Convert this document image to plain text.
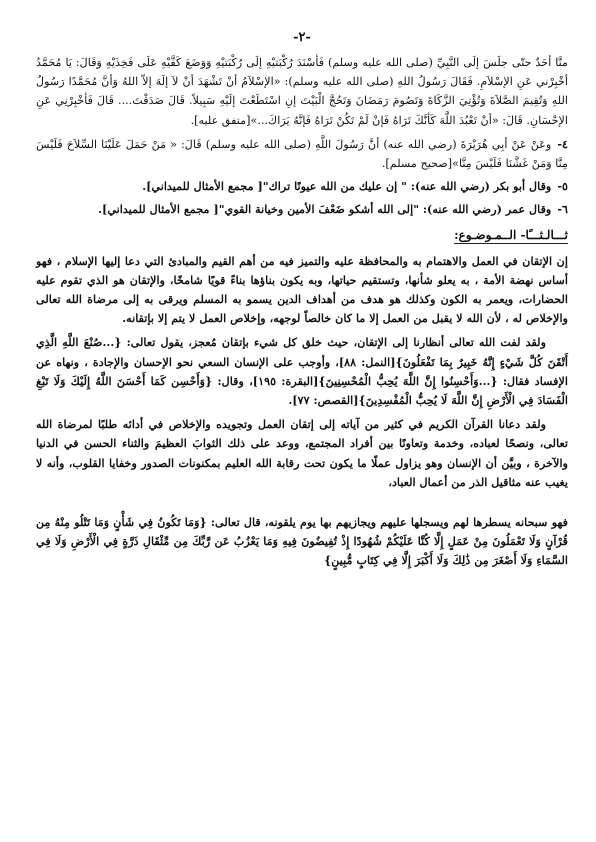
-٢-

منَّا أحَدٌ حتّى جلَسَ إلَى النَّبِيِّ (صلى الله عليه وسلم) فَأسْنَدَ رُكْبَتيْهِ إلَى رُكْبَتيْهِ وَوَضَعَ كَفَّيْهِ عَلَى فَخِذَيْهِ وَقَالَ: يَا مُحَمَّدُ أخْبِرْني عَنِ الإسْلاَمِ. فَقَالَ رَسُولُ اللهِ (صلى الله عليه وسلم): «الإسْلاَمُ أنْ تَشْهَدَ أنْ لاَ إلَهَ إلاّ اللهُ وَأنَّ مُحَمَّدًا رَسُولُ اللهِ وَتُقِيمَ الصَّلاَةَ وَتُؤْتِيَ الزَّكَاةَ وَتَصُومَ رَمَضَانَ وَتَحُجَّ الْبَيْتَ إنِ اسْتَطَعْتَ إلَيْهِ سَبِيلاً. قَالَ صَدَقْتَ.... قَالَ فَأخْبِرْنِي عَنِ الإحْسَانِ. قَالَ: «أنْ تَعْبُدَ اللَّهَ كَأنَّكَ تَرَاهُ فَإنْ لَمْ تَكُنْ تَرَاهُ فَإنَّهُ يَرَاكَ...»[متفق عليه].

٤-وعَنْ عَنْ أبِي هُرَيْرَةَ (رضي الله عنه) أنَّ رَسُولَ اللَّهِ (صلى الله عليه وسلم) قَالَ: « مَنْ حَمَلَ عَلَيْنَا السِّلاَحَ فَلَيْسَ مِنَّا وَمَنْ غَشَّنَا فَلَيْسَ مِنَّا»[صحيح مسلم].

٥-وقال أبو بكر (رضي الله عنه): " إن عليك من الله عيونًا تراك"[ مجمع الأمثال للميداني].

٦-وقال عمر (رضي الله عنه): "إلى الله أشكو ضَعْفَ الأمين وخيانة القوي"[ مجمع الأمثال للميداني].

ثـــالـثـــًا- الــمـوضـوع:

إن الإتقان في العمل والاهتمام به والمحافظة عليه والتميز فيه من أهم القيم والمبادئ التي دعا إليها الإسلام ، فهو أساس نهضة الأمة ، به يعلو شأنها، وتستقيم حياتها، وبه يكون بناؤها بناءً قويًا شامخًا، والإتقان هو الذي تقوم عليه الحضارات، ويعمر به الكون وكذلك هو هدف من أهداف الدين يسمو به المسلم ويرقى به إلى مرضاة الله تعالى والإخلاص له ، لأن الله لا يقبل من العمل إلا ما كان خالصاً لوجهه، وإخلاص العمل لا يتم إلا بإتقانه.

ولقد لفت الله تعالى أنظارنا إلى الإتقان، حيث خلق كل شيء بإتقان مُعجز، يقول تعالى: {...صُنْعَ اللَّهِ الَّذِي أَتْقَنَ كُلَّ شَيْءٍ إِنَّهُ خَبِيرٌ بِمَا تَفْعَلُونَ}[النمل: ٨٨]، وأوجب على الإنسان السعي نحو الإحسان والإجادة ، ونهاه عن الإفساد فقال: {...وَأَحْسِنُوا إِنَّ اللَّهَ يُحِبُّ الْمُحْسِنِينَ}[البقرة: ١٩٥]، وقال: {وَأَحْسِن كَمَا أَحْسَنَ اللَّهُ إِلَيْكَ وَلَا تَبْغِ الْفَسَادَ فِي الْأَرْضِ إِنَّ اللَّهَ لَا يُحِبُّ الْمُفْسِدِينَ}[القصص: ٧٧].

ولقد دعانا القرآن الكريم في كثير من آياته إلى إتقان العمل وتجويده والإخلاص في أدائه طلبًا لمرضاة الله تعالى، ونصحًا لعباده، وخدمة وتعاونًا بين أفراد المجتمع، ووعد على ذلك الثوابَ العظيمَ والثناء الحسن في الدنيا والآخرة ، وبيَّن أن الإنسان وهو يزاول عملًا ما يكون تحت رقابة الله العليم بمكنونات الصدور وخفايا القلوب، وأنه لا يغيب عنه مثاقيل الذر من أعمال العباد،

فهو سبحانه يسطرها لهم ويسجلها عليهم ويجازيهم بها يوم يلقونه، قال تعالى: {وَمَا تَكُونُ فِي شَأْنٍ وَمَا تَتْلُو مِنْهُ مِن قُرْآنٍ وَلَا تَعْمَلُونَ مِنْ عَمَلٍ إِلَّا كُنَّا عَلَيْكُمْ شُهُودًا إِذْ تُفِيضُونَ فِيهِ وَمَا يَعْزُبُ عَن رَّبِّكَ مِن مِّثْقَالِ ذَرَّةٍ فِي الْأَرْضِ وَلَا فِي السَّمَاءِ وَلَا أَصْغَرَ مِن ذَٰلِكَ وَلَا أَكْبَرَ إِلَّا فِي كِتَابٍ مُّبِينٍ}
